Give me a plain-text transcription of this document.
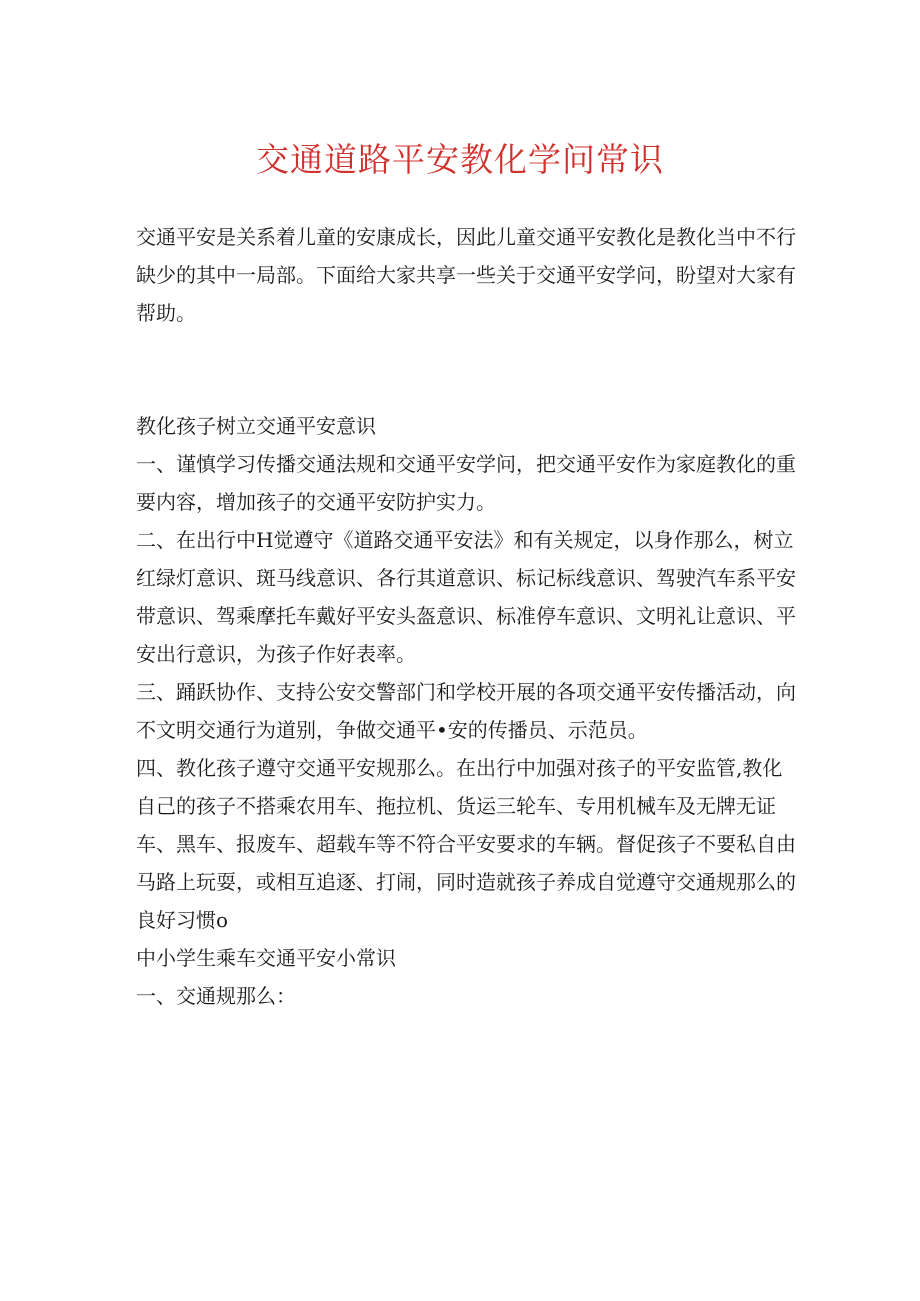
交通道路平安教化学问常识

交通平安是关系着儿童的安康成长，因此儿童交通平安教化是教化当中不行缺少的其中一局部。下面给大家共享一些关于交通平安学问，盼望对大家有帮助。

教化孩子树立交通平安意识

一、谨慎学习传播交通法规和交通平安学问，把交通平安作为家庭教化的重要内容，增加孩子的交通平安防护实力。

二、在出行中H觉遵守《道路交通平安法》和有关规定，以身作那么，树立红绿灯意识、斑马线意识、各行其道意识、标记标线意识、驾驶汽车系平安带意识、驾乘摩托车戴好平安头盔意识、标准停车意识、文明礼让意识、平安出行意识，为孩子作好表率。

三、踊跃协作、支持公安交警部门和学校开展的各项交通平安传播活动，向不文明交通行为道别，争做交通平•安的传播员、示范员。

四、教化孩子遵守交通平安规那么。在出行中加强对孩子的平安监管,教化自己的孩子不搭乘农用车、拖拉机、货运三轮车、专用机械车及无牌无证车、黑车、报废车、超载车等不符合平安要求的车辆。督促孩子不要私自由马路上玩耍，或相互追逐、打闹，同时造就孩子养成自觉遵守交通规那么的良好习惯o

中小学生乘车交通平安小常识

一、交通规那么：
